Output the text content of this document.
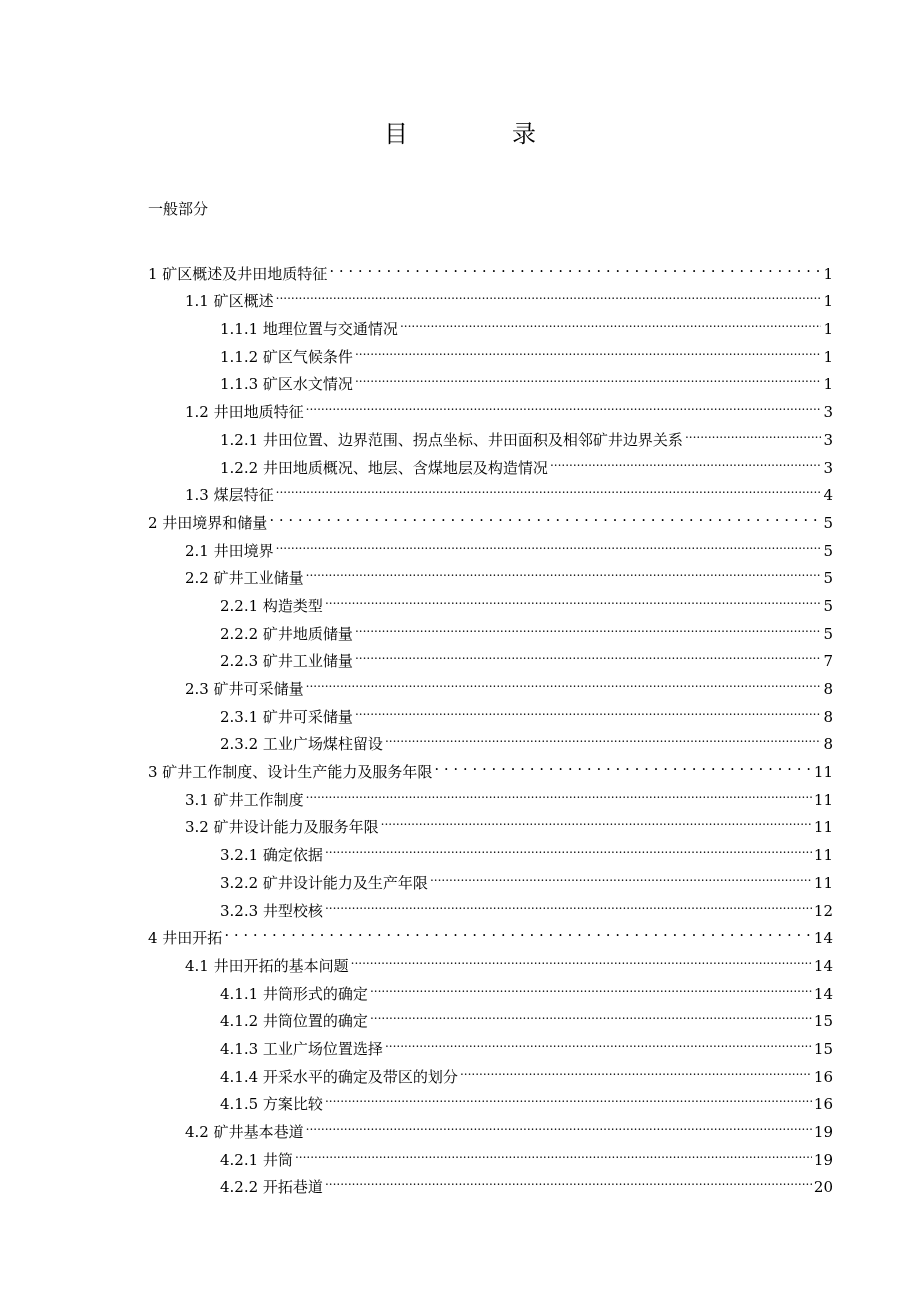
目　录
一般部分
1 矿区概述及井田地质特征 . . .	1
1.1 矿区概述 .....	1
1.1.1 地理位置与交通情况 .....	1
1.1.2 矿区气候条件 .....	1
1.1.3 矿区水文情况 .....	1
1.2 井田地质特征 .....	3
1.2.1 井田位置、边界范围、拐点坐标、井田面积及相邻矿井边界关系 .....	3
1.2.2 井田地质概况、地层、含煤地层及构造情况 .....	3
1.3 煤层特征 .....	4
2 井田境界和储量 . . .	5
2.1 井田境界 .....	5
2.2 矿井工业储量 .....	5
2.2.1 构造类型 .....	5
2.2.2 矿井地质储量 .....	5
2.2.3 矿井工业储量 .....	7
2.3 矿井可采储量 .....	8
2.3.1 矿井可采储量 .....	8
2.3.2 工业广场煤柱留设 .....	8
3 矿井工作制度、设计生产能力及服务年限 . . .	11
3.1 矿井工作制度 .....	11
3.2 矿井设计能力及服务年限 .....	11
3.2.1 确定依据 .....	11
3.2.2 矿井设计能力及生产年限 .....	11
3.2.3 井型校核 .....	12
4 井田开拓 . . .	14
4.1 井田开拓的基本问题 .....	14
4.1.1 井筒形式的确定 .....	14
4.1.2 井筒位置的确定 .....	15
4.1.3 工业广场位置选择 .....	15
4.1.4 开采水平的确定及带区的划分 .....	16
4.1.5 方案比较 .....	16
4.2 矿井基本巷道 .....	19
4.2.1 井筒 .....	19
4.2.2 开拓巷道 .....	20
